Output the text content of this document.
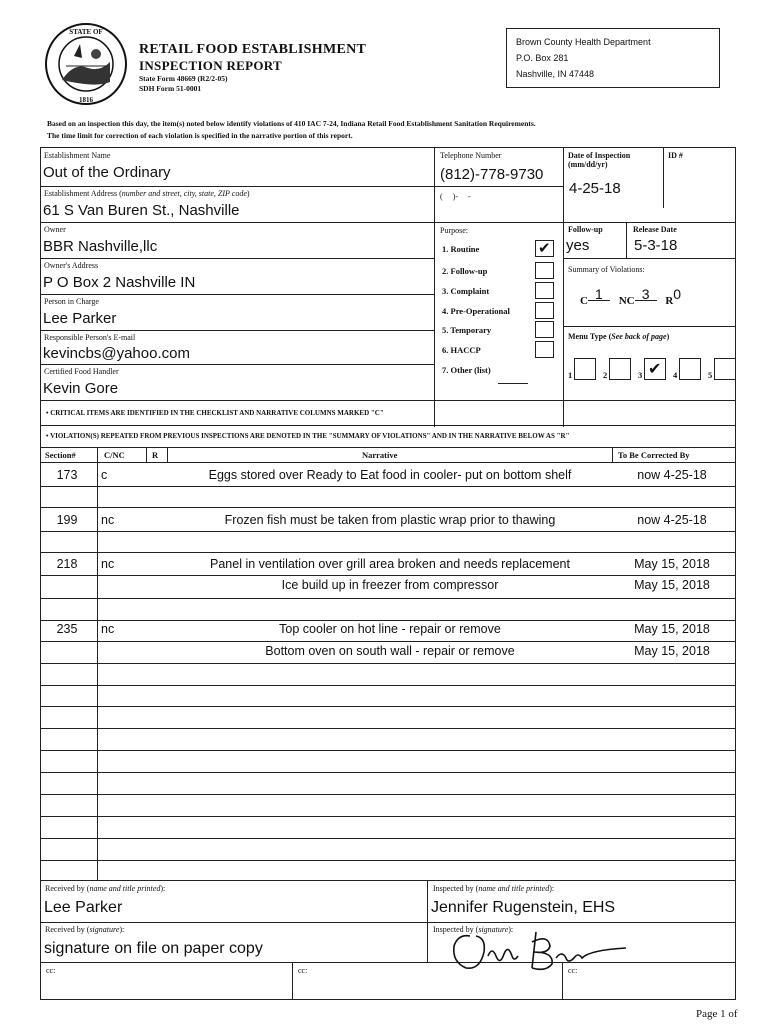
STATE OF
1816
RETAIL FOOD ESTABLISHMENT
INSPECTION REPORT
State Form 48669 (R2/2-05)
SDH Form 51-0001
Brown County Health Department
P.O. Box 281
Nashville, IN 47448
Based on an inspection this day, the item(s) noted below identify violations of 410 IAC 7-24, Indiana Retail Food Establishment Sanitation Requirements.
The time limit for correction of each violation is specified in the narrative portion of this report.
Establishment Name
Out of the Ordinary
Telephone Number
(812)-778-9730
(     )-     -
Date of Inspection (mm/dd/yr)
4-25-18
ID #
Establishment Address (number and street, city, state, ZIP code)
61 S Van Buren St., Nashville
Owner
BBR Nashville,llc
Owner's Address
P O Box 2 Nashville IN
Person in Charge
Lee Parker
Responsible Person's E-mail
kevincbs@yahoo.com
Certified Food Handler
Kevin Gore
Purpose:
1. Routine	✔
2. Follow-up
3. Complaint
4. Pre-Operational
5. Temporary
6. HACCP
7. Other (list)
Follow-up
yes
Release Date
5-3-18
Summary of Violations:
C 1 NC 3 R0
Menu Type (See back of page)
1	2	3 ✔ 4	5
• CRITICAL ITEMS ARE IDENTIFIED IN THE CHECKLIST AND NARRATIVE COLUMNS MARKED "C"
• VIOLATION(S) REPEATED FROM PREVIOUS INSPECTIONS ARE DENOTED IN THE "SUMMARY OF VIOLATIONS" AND IN THE NARRATIVE BELOW AS "R"
Section#	C/NC	R	Narrative	To Be Corrected By
173	c	Eggs stored over Ready to Eat food in cooler- put on bottom shelf	now 4-25-18
199	nc	Frozen fish must be taken from plastic wrap prior to thawing	now 4-25-18
218	nc	Panel in ventilation over grill area broken and needs replacement	May 15, 2018
Ice build up in freezer from compressor	May 15, 2018
235	nc	Top cooler on hot line - repair or remove	May 15, 2018
Bottom oven on south wall - repair or remove	May 15, 2018
Received by (name and title printed):
Lee Parker
Inspected by (name and title printed):
Jennifer Rugenstein, EHS
Received by (signature):
signature on file on paper copy
Inspected by (signature):
cc:	cc:	cc:
Page 1 of
